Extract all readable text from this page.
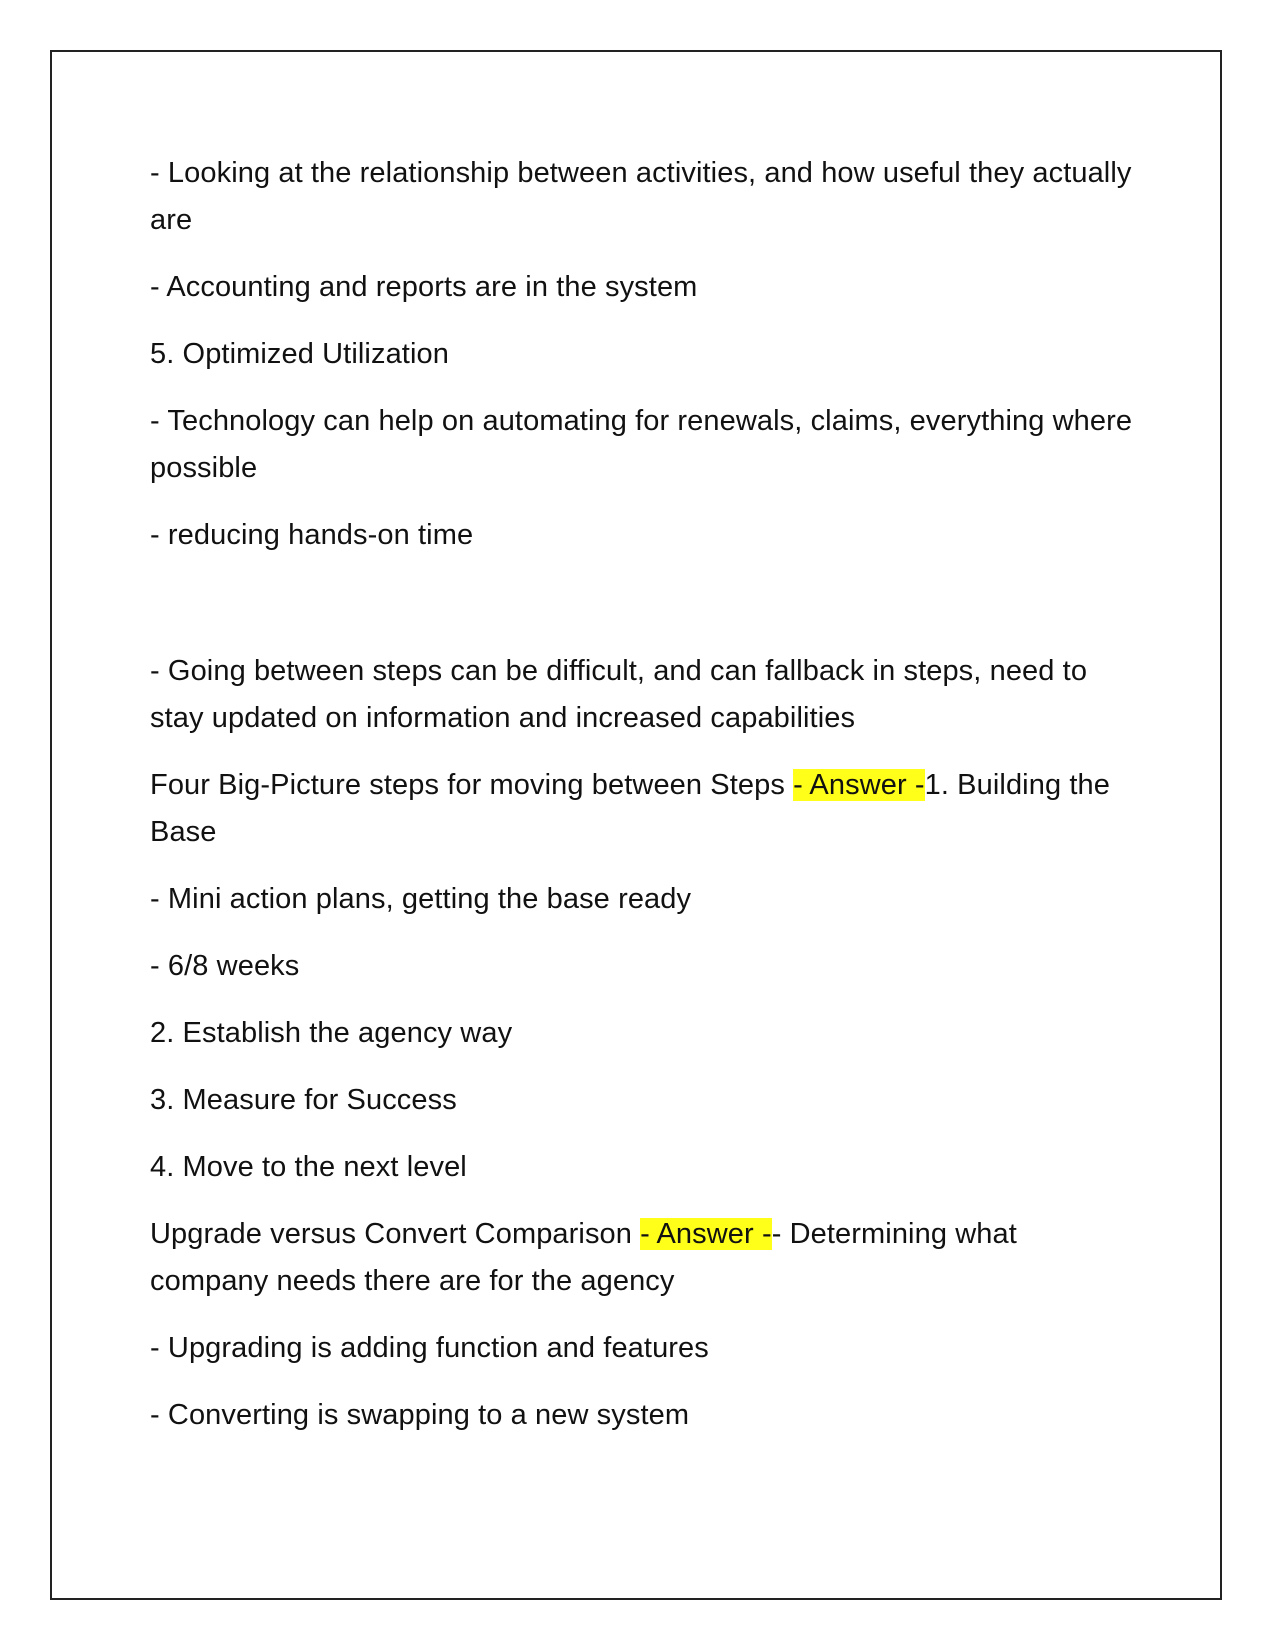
- Looking at the relationship between activities, and how useful they actually are

- Accounting and reports are in the system

5. Optimized Utilization

- Technology can help on automating for renewals, claims, everything where possible

- reducing hands-on time

- Going between steps can be difficult, and can fallback in steps, need to stay updated on information and increased capabilities

Four Big-Picture steps for moving between Steps - Answer -1. Building the Base

- Mini action plans, getting the base ready

- 6/8 weeks

2. Establish the agency way

3. Measure for Success

4. Move to the next level

Upgrade versus Convert Comparison - Answer -- Determining what company needs there are for the agency

- Upgrading is adding function and features

- Converting is swapping to a new system
